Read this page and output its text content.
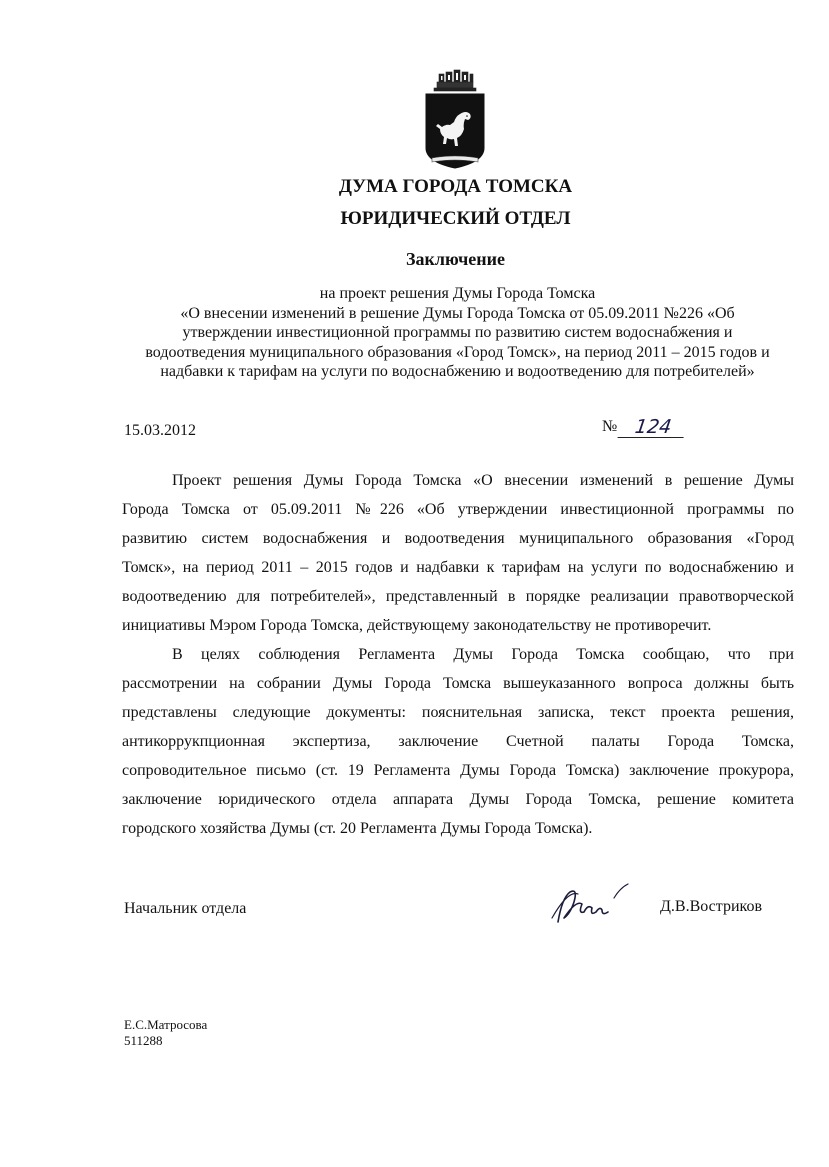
ДУМА ГОРОДА ТОМСКА
ЮРИДИЧЕСКИЙ ОТДЕЛ
Заключение
на проект решения Думы Города Томска
«О внесении изменений в решение Думы Города Томска от 05.09.2011 №226 «Об
утверждении инвестиционной программы по развитию систем водоснабжения и
водоотведения муниципального образования «Город Томск», на период 2011 – 2015 годов и
надбавки к тарифам на услуги по водоснабжению и водоотведению для потребителей»
15.03.2012	№ 124
Проект решения Думы Города Томска «О внесении изменений в решение Думы
Города Томска от 05.09.2011 №226 «Об утверждении инвестиционной программы по
развитию систем водоснабжения и водоотведения муниципального образования «Город
Томск», на период 2011 – 2015 годов и надбавки к тарифам на услуги по водоснабжению и
водоотведению для потребителей», представленный в порядке реализации правотворческой
инициативы Мэром Города Томска, действующему законодательству не противоречит.
В целях соблюдения Регламента Думы Города Томска сообщаю, что при
рассмотрении на собрании Думы Города Томска вышеуказанного вопроса должны быть
представлены следующие документы: пояснительная записка, текст проекта решения,
антикоррукпционная экспертиза, заключение Счетной палаты Города Томска,
сопроводительное письмо (ст. 19 Регламента Думы Города Томска) заключение прокурора,
заключение юридического отдела аппарата Думы Города Томска, решение комитета
городского хозяйства Думы (ст. 20 Регламента Думы Города Томска).
Начальник отдела	Д.В.Востриков
Е.С.Матросова
511288
